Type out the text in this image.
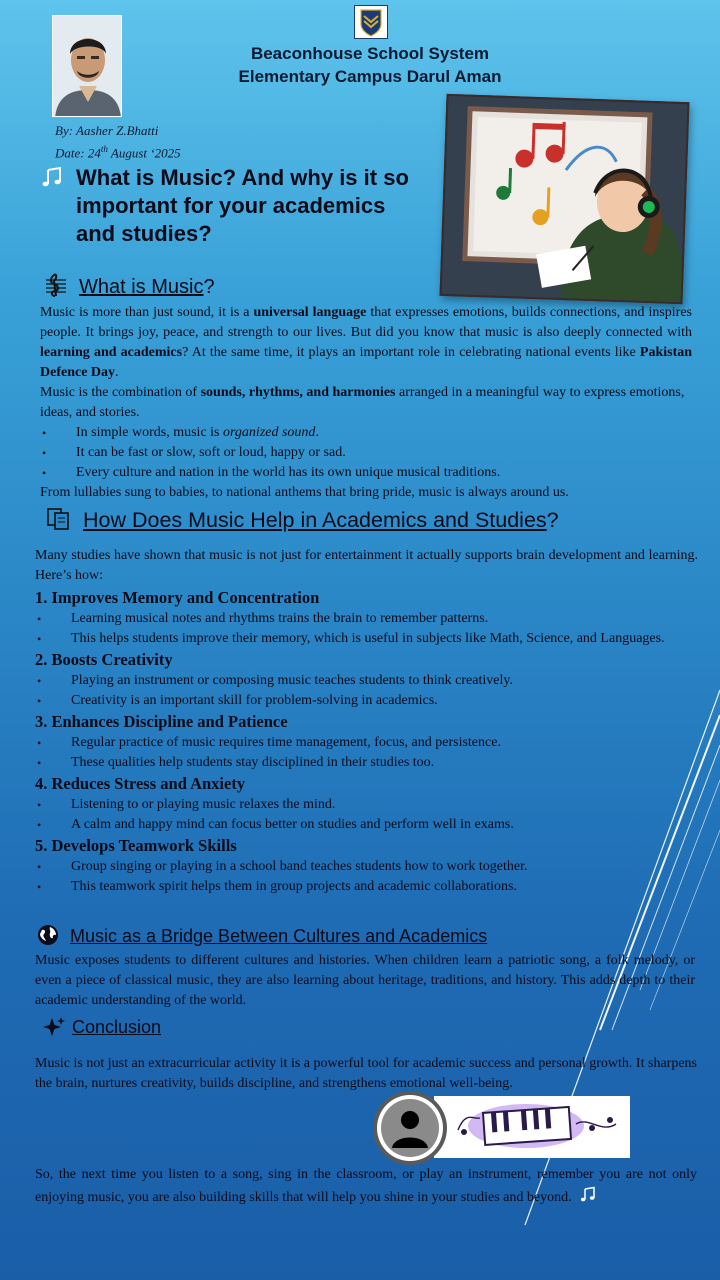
Beaconhouse School System
Elementary Campus Darul Aman
By: Aasher Z.Bhatti
Date: 24th August ‘2025
What is Music? And why is it so important for your academics and studies?
What is Music?

Music is more than just sound, it is a universal language that expresses emotions, builds connections, and inspires people. It brings joy, peace, and strength to our lives. But did you know that music is also deeply connected with learning and academics? At the same time, it plays an important role in celebrating national events like Pakistan Defence Day.

Music is the combination of sounds, rhythms, and harmonies arranged in a meaningful way to express emotions, ideas, and stories.

• In simple words, music is organized sound.
• It can be fast or slow, soft or loud, happy or sad.
• Every culture and nation in the world has its own unique musical traditions.

From lullabies sung to babies, to national anthems that bring pride, music is always around us.

How Does Music Help in Academics and Studies?

Many studies have shown that music is not just for entertainment it actually supports brain development and learning. Here’s how:

1. Improves Memory and Concentration

• Learning musical notes and rhythms trains the brain to remember patterns.
• This helps students improve their memory, which is useful in subjects like Math, Science, and Languages.

2. Boosts Creativity

• Playing an instrument or composing music teaches students to think creatively.
• Creativity is an important skill for problem-solving in academics.

3. Enhances Discipline and Patience

• Regular practice of music requires time management, focus, and persistence.
• These qualities help students stay disciplined in their studies too.

4. Reduces Stress and Anxiety

• Listening to or playing music relaxes the mind.
• A calm and happy mind can focus better on studies and perform well in exams.

5. Develops Teamwork Skills

• Group singing or playing in a school band teaches students how to work together.
• This teamwork spirit helps them in group projects and academic collaborations.
Music as a Bridge Between Cultures and Academics

Music exposes students to different cultures and histories. When children learn a patriotic song, a folk melody, or even a piece of classical music, they are also learning about heritage, traditions, and history. This adds depth to their academic understanding of the world.

Conclusion

Music is not just an extracurricular activity it is a powerful tool for academic success and personal growth. It sharpens the brain, nurtures creativity, builds discipline, and strengthens emotional well-being.

So, the next time you listen to a song, sing in the classroom, or play an instrument, remember you are not only enjoying music, you are also building skills that will help you shine in your studies and beyond.
